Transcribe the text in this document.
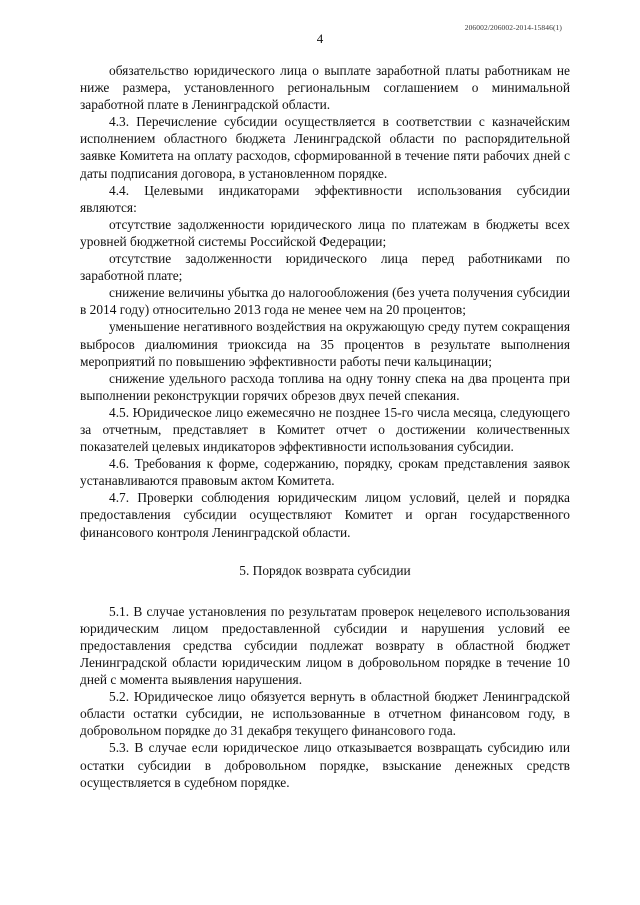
206002/206002-2014-15846(1)
4

обязательство юридического лица о выплате заработной платы работникам не ниже размера, установленного региональным соглашением о минимальной заработной плате в Ленинградской области.

4.3. Перечисление субсидии осуществляется в соответствии с казначейским исполнением областного бюджета Ленинградской области по распорядительной заявке Комитета на оплату расходов, сформированной в течение пяти рабочих дней с даты подписания договора, в установленном порядке.

4.4. Целевыми индикаторами эффективности использования субсидии являются:

отсутствие задолженности юридического лица по платежам в бюджеты всех уровней бюджетной системы Российской Федерации;

отсутствие задолженности юридического лица перед работниками по заработной плате;

снижение величины убытка до налогообложения (без учета получения субсидии в 2014 году) относительно 2013 года не менее чем на 20 процентов;

уменьшение негативного воздействия на окружающую среду путем сокращения выбросов диалюминия триоксида на 35 процентов в результате выполнения мероприятий по повышению эффективности работы печи кальцинации;

снижение удельного расхода топлива на одну тонну спека на два процента при выполнении реконструкции горячих обрезов двух печей спекания.

4.5. Юридическое лицо ежемесячно не позднее 15-го числа месяца, следующего за отчетным, представляет в Комитет отчет о достижении количественных показателей целевых индикаторов эффективности использования субсидии.

4.6. Требования к форме, содержанию, порядку, срокам представления заявок устанавливаются правовым актом Комитета.

4.7. Проверки соблюдения юридическим лицом условий, целей и порядка предоставления субсидии осуществляют Комитет и орган государственного финансового контроля Ленинградской области.

5. Порядок возврата субсидии

5.1. В случае установления по результатам проверок нецелевого использования юридическим лицом предоставленной субсидии и нарушения условий ее предоставления средства субсидии подлежат возврату в областной бюджет Ленинградской области юридическим лицом в добровольном порядке в течение 10 дней с момента выявления нарушения.

5.2. Юридическое лицо обязуется вернуть в областной бюджет Ленинградской области остатки субсидии, не использованные в отчетном финансовом году, в добровольном порядке до 31 декабря текущего финансового года.

5.3. В случае если юридическое лицо отказывается возвращать субсидию или остатки субсидии в добровольном порядке, взыскание денежных средств осуществляется в судебном порядке.
